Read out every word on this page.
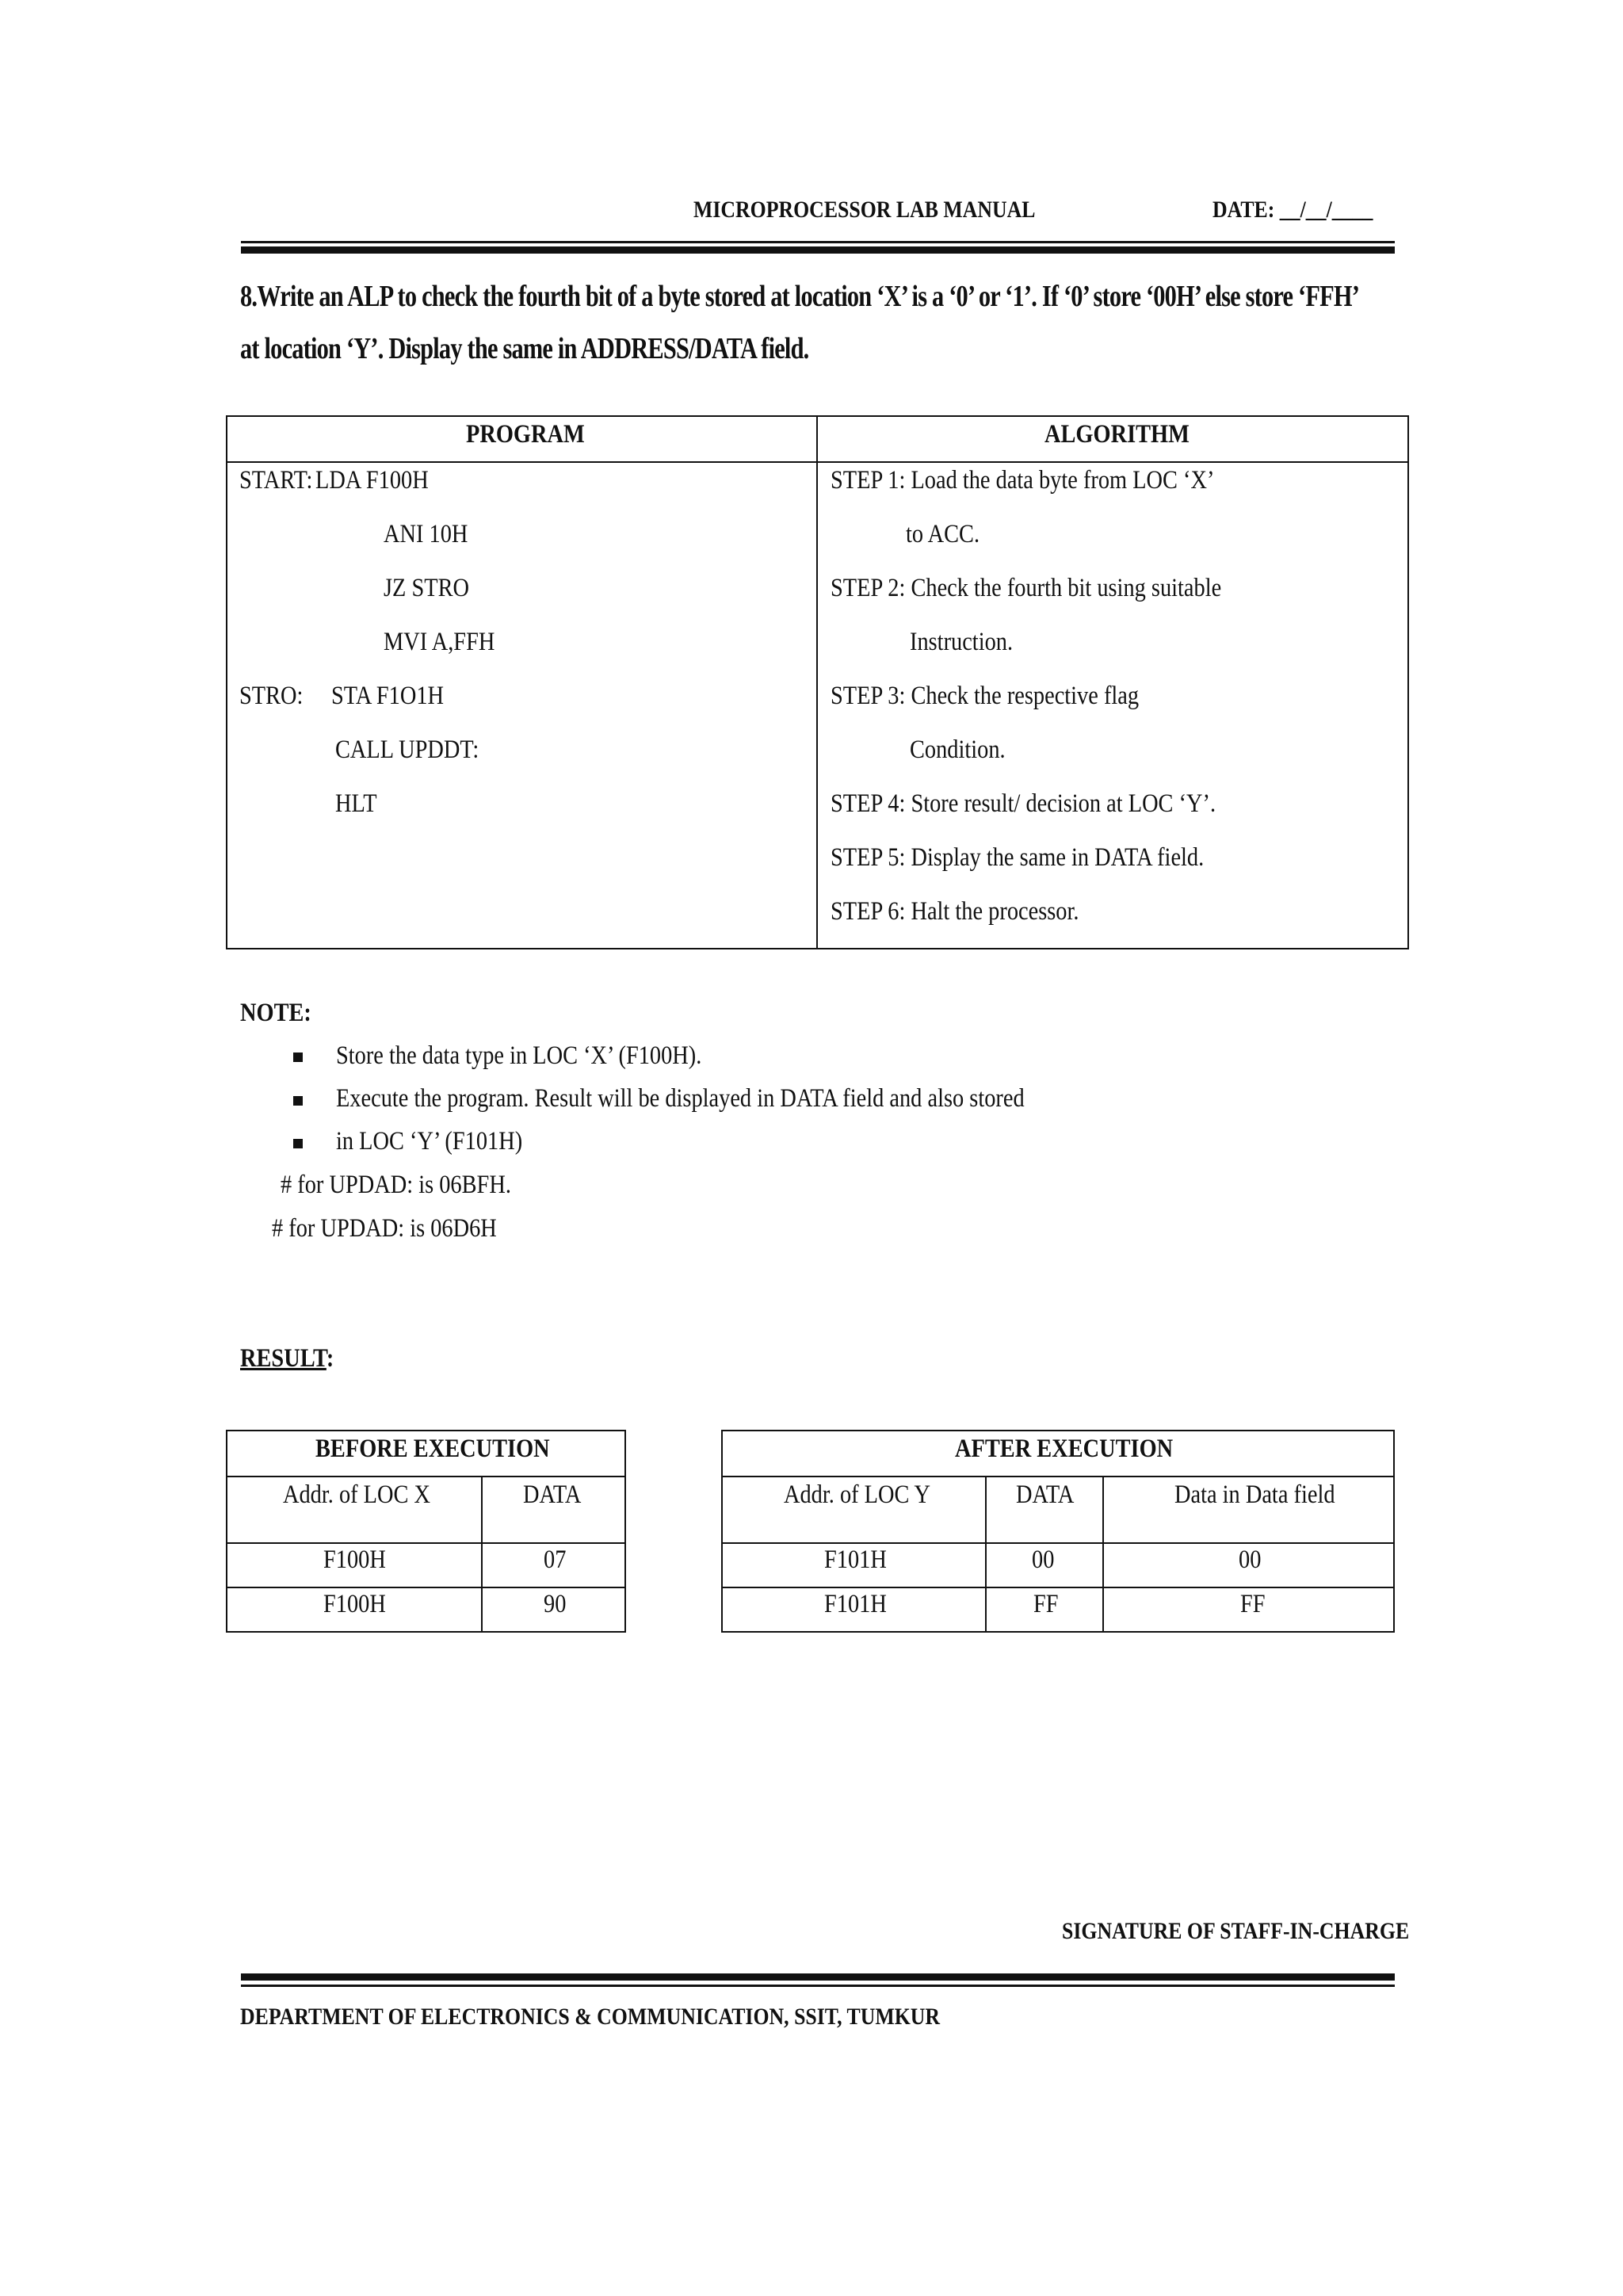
MICROPROCESSOR LAB MANUAL	DATE: __/__/____
8.Write an ALP to check the fourth bit of a byte stored at location ‘X’ is a ‘0’ or ‘1’. If ‘0’ store ‘00H’ else store ‘FFH’
at location ‘Y’. Display the same in ADDRESS/DATA field.
PROGRAM	ALGORITHM
START: LDA F100H
ANI 10H
JZ STRO
MVI A,FFH
STRO: STA F1O1H
CALL UPDDT:
HLT
STEP 1: Load the data byte from LOC ‘X’
to ACC.
STEP 2: Check the fourth bit using suitable
Instruction.
STEP 3: Check the respective flag
Condition.
STEP 4: Store result/ decision at LOC ‘Y’.
STEP 5: Display the same in DATA field.
STEP 6: Halt the processor.
NOTE:
Store the data type in LOC ‘X’ (F100H).
Execute the program. Result will be displayed in DATA field and also stored
in LOC ‘Y’ (F101H)
# for UPDAD: is 06BFH.
# for UPDAD: is 06D6H
RESULT:
BEFORE EXECUTION
Addr. of LOC X	DATA
F100H	07
F100H	90
AFTER EXECUTION
Addr. of LOC Y	DATA	Data in Data field
F101H	00	00
F101H	FF	FF
SIGNATURE OF STAFF-IN-CHARGE
DEPARTMENT OF ELECTRONICS & COMMUNICATION, SSIT, TUMKUR
